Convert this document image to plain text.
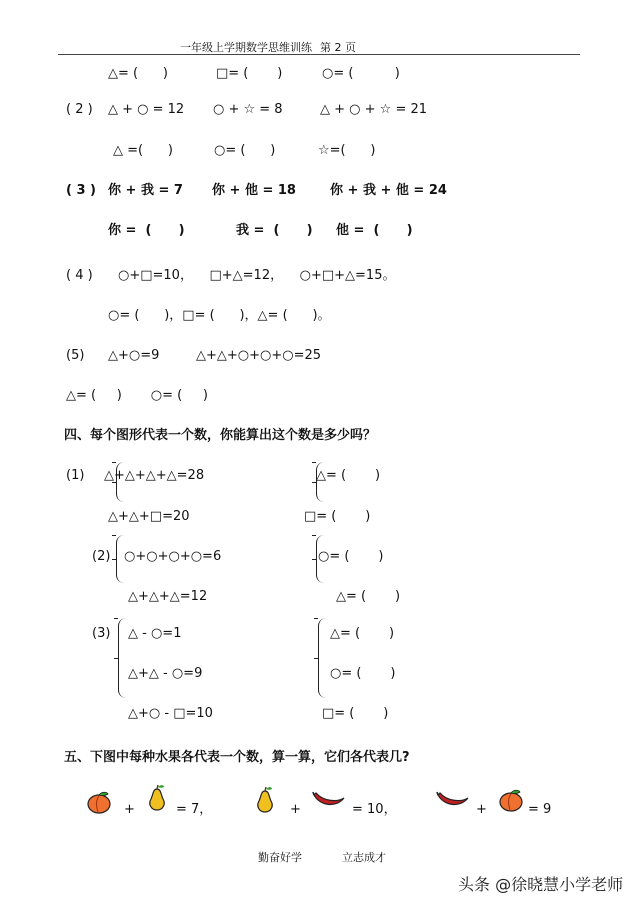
一年级上学期数学思维训练 第 2 页
△= (      )	□= (       )	○= (          )
( 2 ) △ + ○ = 12 ○ + ☆ = 8	△ + ○ + ☆ = 21
△ =(      )	○= (      )	☆=(      )
( 3 ) 你 + 我 = 7 你 + 他 = 18	你 + 我 + 他 = 24
你 =  (      )	我 =  (      ) 他 =  (      )
( 4 ) ○+□=10，    □+△=12，    ○+□+△=15。
○= (      )，□= (      )，△= (      )。
(5) △+○=9	△+△+○+○+○=25
△= (     )       ○= (     )
四、每个图形代表一个数，你能算出这个数是多少吗？
(1) △+△+△+△=28
△+△+□=20
△= (       )
□= (       )
(2) ○+○+○+○=6
△+△+△=12
○= (       )
△= (       )
(3) △ - ○=1
△+△ - ○=9
△+○ - □=10
△= (       )
○= (       )
□= (       )
五、下图中每种水果各代表一个数，算一算，它们各代表几?
+	= 7，	+	= 10，	+	= 9
勤奋好学	立志成才
头条 @徐晓慧小学老师
